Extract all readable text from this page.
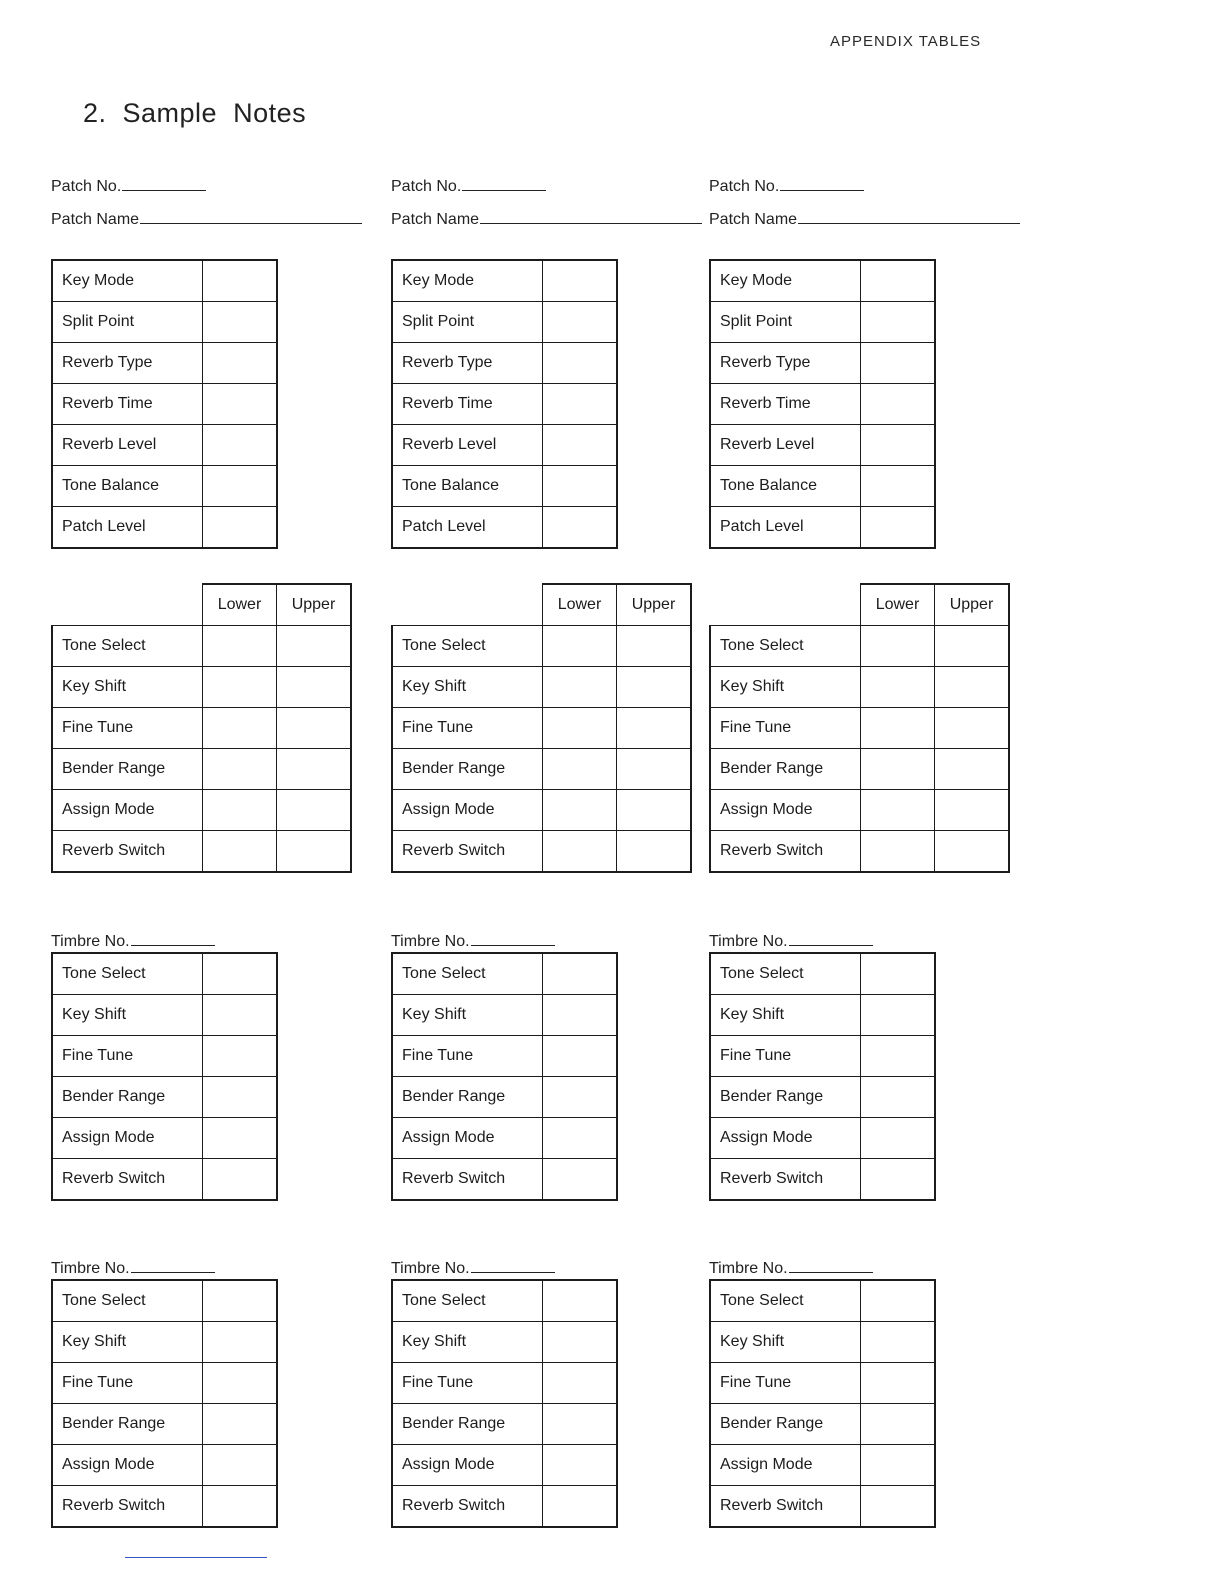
APPENDIX TABLES
2. Sample Notes
Patch No.
Patch Name
Key Mode	
Split Point	
Reverb Type	
Reverb Time	
Reverb Level	
Tone Balance	
Patch Level	
	Lower	Upper
Tone Select		
Key Shift		
Fine Tune		
Bender Range		
Assign Mode		
Reverb Switch		
Timbre No.
Tone Select	
Key Shift	
Fine Tune	
Bender Range	
Assign Mode	
Reverb Switch	
Timbre No.
Tone Select	
Key Shift	
Fine Tune	
Bender Range	
Assign Mode	
Reverb Switch	
Patch No.
Patch Name
Key Mode	
Split Point	
Reverb Type	
Reverb Time	
Reverb Level	
Tone Balance	
Patch Level	
	Lower	Upper
Tone Select		
Key Shift		
Fine Tune		
Bender Range		
Assign Mode		
Reverb Switch		
Timbre No.
Tone Select	
Key Shift	
Fine Tune	
Bender Range	
Assign Mode	
Reverb Switch	
Timbre No.
Tone Select	
Key Shift	
Fine Tune	
Bender Range	
Assign Mode	
Reverb Switch	
Patch No.
Patch Name
Key Mode	
Split Point	
Reverb Type	
Reverb Time	
Reverb Level	
Tone Balance	
Patch Level	
	Lower	Upper
Tone Select		
Key Shift		
Fine Tune		
Bender Range		
Assign Mode		
Reverb Switch		
Timbre No.
Tone Select	
Key Shift	
Fine Tune	
Bender Range	
Assign Mode	
Reverb Switch	
Timbre No.
Tone Select	
Key Shift	
Fine Tune	
Bender Range	
Assign Mode	
Reverb Switch	
